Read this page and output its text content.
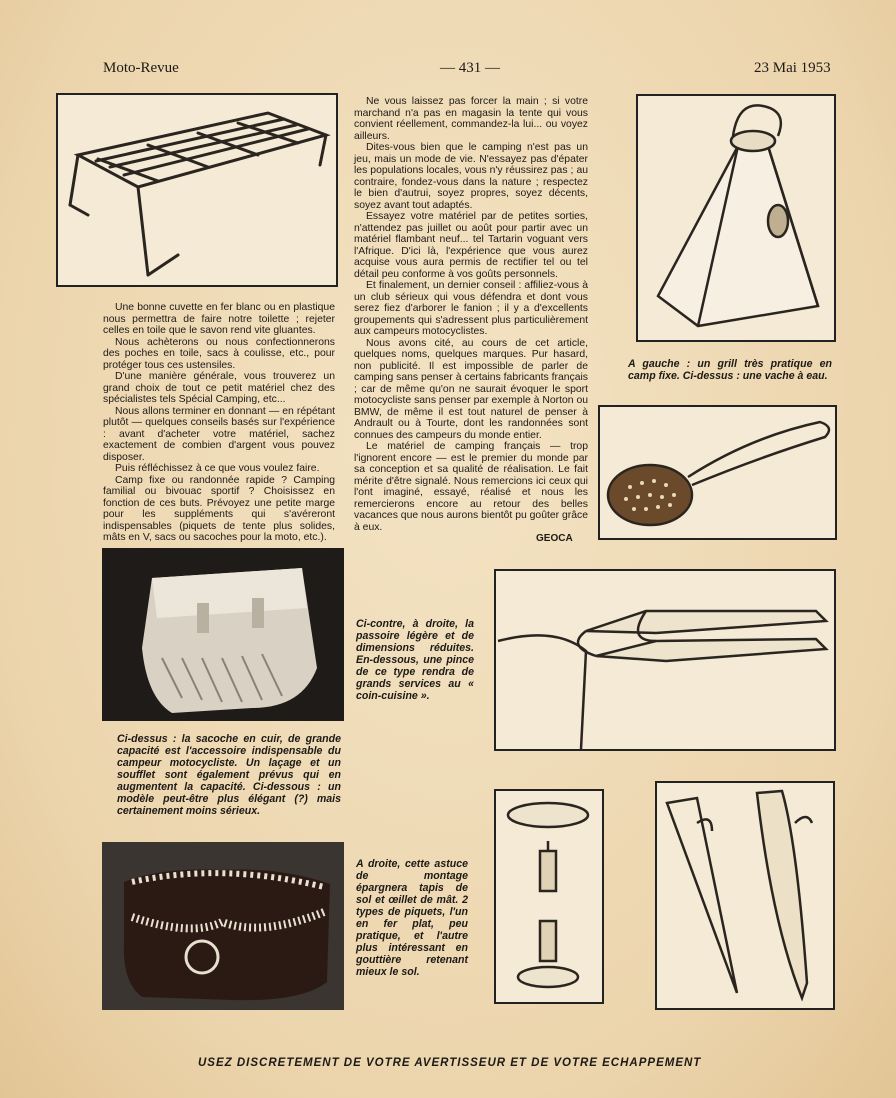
Moto-Revue	— 431 —	23 Mai 1953

Une bonne cuvette en fer blanc ou en plastique nous permettra de faire notre toilette ; rejeter celles en toile que le savon rend vite gluantes.

Nous achèterons ou nous confectionnerons des poches en toile, sacs à coulisse, etc., pour protéger tous ces ustensiles.

D'une manière générale, vous trouverez un grand choix de tout ce petit matériel chez des spécialistes tels Spécial Camping, etc...

Nous allons terminer en donnant — en répétant plutôt — quelques conseils basés sur l'expérience : avant d'acheter votre matériel, sachez exactement de combien d'argent vous pouvez disposer.

Puis réfléchissez à ce que vous voulez faire.

Camp fixe ou randonnée rapide ? Camping familial ou bivouac sportif ? Choisissez en fonction de ces buts. Prévoyez une petite marge pour les suppléments qui s'avéreront indispensables (piquets de tente plus solides, mâts en V, sacs ou sacoches pour la moto, etc.).

Ne vous laissez pas forcer la main ; si votre marchand n'a pas en magasin la tente qui vous convient réellement, commandez-la lui... ou voyez ailleurs.

Dites-vous bien que le camping n'est pas un jeu, mais un mode de vie. N'essayez pas d'épater les populations locales, vous n'y réussirez pas ; au contraire, fondez-vous dans la nature ; respectez le bien d'autrui, soyez propres, soyez décents, soyez avant tout adaptés.

Essayez votre matériel par de petites sorties, n'attendez pas juillet ou août pour partir avec un matériel flambant neuf... tel Tartarin voguant vers l'Afrique. D'ici là, l'expérience que vous aurez acquise vous aura permis de rectifier tel ou tel détail peu conforme à vos goûts personnels.

Et finalement, un dernier conseil : affiliez-vous à un club sérieux qui vous défendra et dont vous serez fiez d'arborer le fanion ; il y a d'excellents groupements qui s'adressent plus particulièrement aux campeurs motocyclistes.

Nous avons cité, au cours de cet article, quelques noms, quelques marques. Pur hasard, non publicité. Il est impossible de parler de camping sans penser à certains fabricants français ; car de même qu'on ne saurait évoquer le sport motocycliste sans penser par exemple à Norton ou BMW, de même il est tout naturel de penser à Andrault ou à Tourte, dont les randonnées sont connues des campeurs du monde entier.

Le matériel de camping français — trop l'ignorent encore — est le premier du monde par sa conception et sa qualité de réalisation. Le fait mérite d'être signalé. Nous remercions ici ceux qui l'ont imaginé, essayé, réalisé et nous les remercierons encore au retour des belles vacances que nous aurons bientôt pu goûter grâce à eux.

GEOCA
A gauche : un grill très pratique en camp fixe. Ci-dessus : une vache à eau.
Ci-dessus : la sacoche en cuir, de grande capacité est l'accessoire indispensable du campeur motocycliste. Un laçage et un soufflet sont également prévus qui en augmentent la capacité. Ci-dessous : un modèle peut-être plus élégant (?) mais certainement moins sérieux.
Ci-contre, à droite, la passoire légère et de dimensions réduites. En-dessous, une pince de ce type rendra de grands services au « coin-cuisine ».
A droite, cette astuce de montage épargnera tapis de sol et œillet de mât. 2 types de piquets, l'un en fer plat, peu pratique, et l'autre plus intéressant en gouttière retenant mieux le sol.
USEZ DISCRETEMENT DE VOTRE AVERTISSEUR ET DE VOTRE ECHAPPEMENT
